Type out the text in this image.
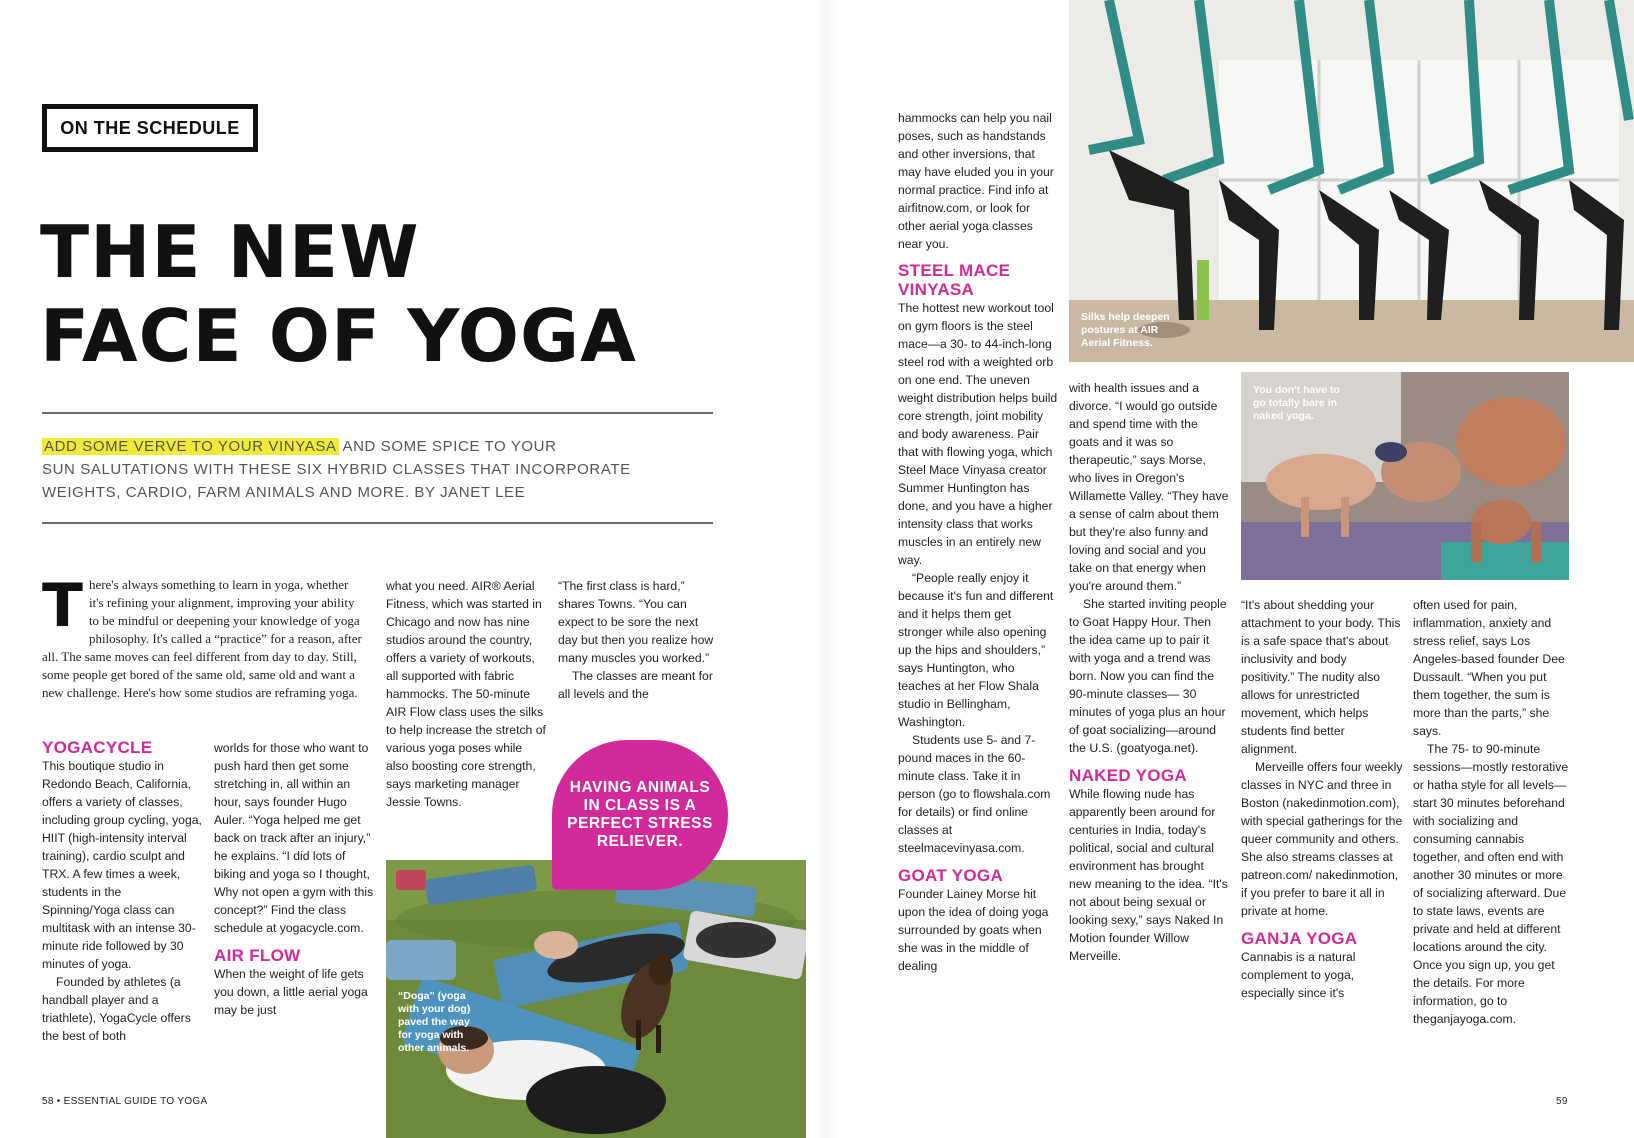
ON THE SCHEDULE
THE NEW
FACE OF YOGA
ADD SOME VERVE TO YOUR VINYASA AND SOME SPICE TO YOUR
SUN SALUTATIONS WITH THESE SIX HYBRID CLASSES THAT INCORPORATE
WEIGHTS, CARDIO, FARM ANIMALS AND MORE. BY JANET LEE
There's always something to learn in yoga, whether it's refining your alignment, improving your ability to be mindful or deepening your knowledge of yoga philosophy. It's called a “practice” for a reason, after all. The same moves can feel different from day to day. Still, some people get bored of the same old, same old and want a new challenge. Here's how some studios are reframing yoga.
YOGACYCLE

This boutique studio in Redondo Beach, California, offers a variety of classes, including group cycling, yoga, HIIT (high-intensity interval training), cardio sculpt and TRX. A few times a week, students in the Spinning/Yoga class can multitask with an intense 30-minute ride followed by 30 minutes of yoga.

Founded by athletes (a handball player and a triathlete), YogaCycle offers the best of both

worlds for those who want to push hard then get some stretching in, all within an hour, says founder Hugo Auler. “Yoga helped me get back on track after an injury,” he explains. “I did lots of biking and yoga so I thought, Why not open a gym with this concept?” Find the class schedule at yogacycle.com.

AIR FLOW

When the weight of life gets you down, a little aerial yoga may be just

what you need. AIR® Aerial Fitness, which was started in Chicago and now has nine studios around the country, offers a variety of workouts, all supported with fabric hammocks. The 50-minute AIR Flow class uses the silks to help increase the stretch of various yoga poses while also boosting core strength, says marketing manager Jessie Towns.

“The first class is hard,” shares Towns. “You can expect to be sore the next day but then you realize how many muscles you worked.”

The classes are meant for all levels and the

“Doga” (yoga with your dog) paved the way for yoga with other animals.
HAVING ANIMALS IN CLASS IS A PERFECT STRESS RELIEVER.
58 • ESSENTIAL GUIDE TO YOGA
Silks help deepen postures at AIR Aerial Fitness.
You don't have to go totally bare in naked yoga.

hammocks can help you nail poses, such as handstands and other inversions, that may have eluded you in your normal practice. Find info at airfitnow.com, or look for other aerial yoga classes near you.

STEEL MACE VINYASA

The hottest new workout tool on gym floors is the steel mace—a 30- to 44-inch-long steel rod with a weighted orb on one end. The uneven weight distribution helps build core strength, joint mobility and body awareness. Pair that with flowing yoga, which Steel Mace Vinyasa creator Summer Huntington has done, and you have a higher intensity class that works muscles in an entirely new way.

“People really enjoy it because it's fun and different and it helps them get stronger while also opening up the hips and shoulders,” says Huntington, who teaches at her Flow Shala studio in Bellingham, Washington.

Students use 5- and 7-pound maces in the 60-minute class. Take it in person (go to flowshala.com for details) or find online classes at steelmacevinyasa.com.

GOAT YOGA

Founder Lainey Morse hit upon the idea of doing yoga surrounded by goats when she was in the middle of dealing

with health issues and a divorce. “I would go outside and spend time with the goats and it was so therapeutic,” says Morse, who lives in Oregon's Willamette Valley. “They have a sense of calm about them but they're also funny and loving and social and you take on that energy when you're around them.”

She started inviting people to Goat Happy Hour. Then the idea came up to pair it with yoga and a trend was born. Now you can find the 90-minute classes— 30 minutes of yoga plus an hour of goat socializing—around the U.S. (goatyoga.net).

NAKED YOGA

While flowing nude has apparently been around for centuries in India, today's political, social and cultural environment has brought new meaning to the idea. “It's not about being sexual or looking sexy,” says Naked In Motion founder Willow Merveille.

“It's about shedding your attachment to your body. This is a safe space that's about inclusivity and body positivity.” The nudity also allows for unrestricted movement, which helps students find better alignment.

Merveille offers four weekly classes in NYC and three in Boston (nakedinmotion.com), with special gatherings for the queer community and others. She also streams classes at patreon.com/ nakedinmotion, if you prefer to bare it all in private at home.

GANJA YOGA

Cannabis is a natural complement to yoga, especially since it's

often used for pain, inflammation, anxiety and stress relief, says Los Angeles-based founder Dee Dussault. “When you put them together, the sum is more than the parts,” she says.

The 75- to 90-minute sessions—mostly restorative or hatha style for all levels—start 30 minutes beforehand with socializing and consuming cannabis together, and often end with another 30 minutes or more of socializing afterward. Due to state laws, events are private and held at different locations around the city. Once you sign up, you get the details. For more information, go to theganjayoga.com.

59
